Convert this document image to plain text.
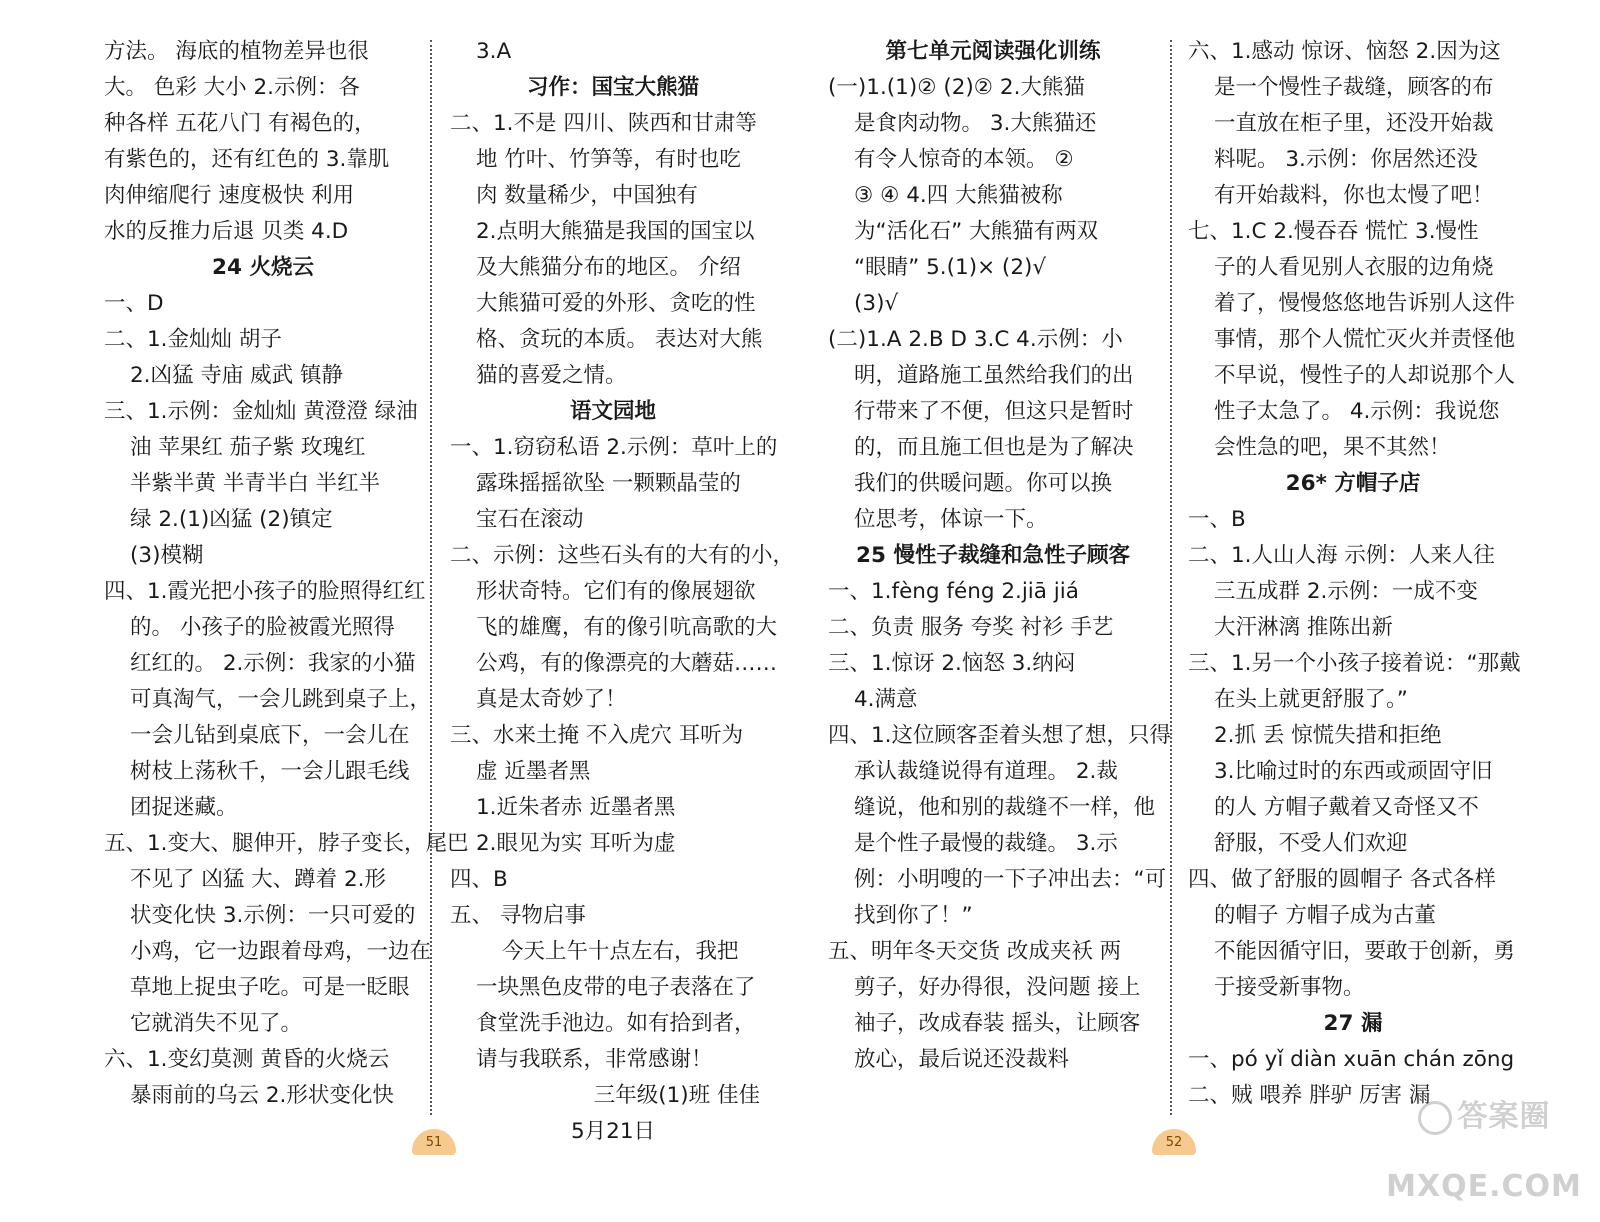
方法。 海底的植物差异也很
大。 色彩 大小 2.示例：各
种各样 五花八门 有褐色的，
有紫色的，还有红色的 3.靠肌
肉伸缩爬行 速度极快 利用
水的反推力后退 贝类 4.D
24 火烧云
一、D
二、1.金灿灿 胡子
2.凶猛 寺庙 威武 镇静
三、1.示例：金灿灿 黄澄澄 绿油
油 苹果红 茄子紫 玫瑰红
半紫半黄 半青半白 半红半
绿 2.(1)凶猛 (2)镇定
(3)模糊
四、1.霞光把小孩子的脸照得红红
的。 小孩子的脸被霞光照得
红红的。 2.示例：我家的小猫
可真淘气，一会儿跳到桌子上，
一会儿钻到桌底下，一会儿在
树枝上荡秋千，一会儿跟毛线
团捉迷藏。
五、1.变大、腿伸开，脖子变长，尾巴
不见了 凶猛 大、蹲着 2.形
状变化快 3.示例：一只可爱的
小鸡，它一边跟着母鸡，一边在
草地上捉虫子吃。可是一眨眼
它就消失不见了。
六、1.变幻莫测 黄昏的火烧云
暴雨前的乌云 2.形状变化快
3.A
习作：国宝大熊猫
二、1.不是 四川、陕西和甘肃等
地 竹叶、竹笋等，有时也吃
肉 数量稀少，中国独有
2.点明大熊猫是我国的国宝以
及大熊猫分布的地区。 介绍
大熊猫可爱的外形、贪吃的性
格、贪玩的本质。 表达对大熊
猫的喜爱之情。
语文园地
一、1.窃窃私语 2.示例：草叶上的
露珠摇摇欲坠 一颗颗晶莹的
宝石在滚动
二、示例：这些石头有的大有的小，
形状奇特。它们有的像展翅欲
飞的雄鹰，有的像引吭高歌的大
公鸡，有的像漂亮的大蘑菇……
真是太奇妙了！
三、水来土掩 不入虎穴 耳听为
虚 近墨者黑
1.近朱者赤 近墨者黑
2.眼见为实 耳听为虚
四、B
五、 寻物启事
今天上午十点左右，我把
一块黑色皮带的电子表落在了
食堂洗手池边。如有拾到者，
请与我联系，非常感谢！
三年级(1)班 佳佳
5月21日
第七单元阅读强化训练
(一)1.(1)② (2)② 2.大熊猫
是食肉动物。 3.大熊猫还
有令人惊奇的本领。 ②
③ ④ 4.四 大熊猫被称
为“活化石” 大熊猫有两双
“眼睛” 5.(1)× (2)√
(3)√
(二)1.A 2.B D 3.C 4.示例：小
明，道路施工虽然给我们的出
行带来了不便，但这只是暂时
的，而且施工但也是为了解决
我们的供暖问题。你可以换
位思考，体谅一下。
25 慢性子裁缝和急性子顾客
一、1.fèng féng 2.jiā jiá
二、负责 服务 夸奖 衬衫 手艺
三、1.惊讶 2.恼怒 3.纳闷
4.满意
四、1.这位顾客歪着头想了想，只得
承认裁缝说得有道理。 2.裁
缝说，他和别的裁缝不一样，他
是个性子最慢的裁缝。 3.示
例：小明嗖的一下子冲出去：“可
找到你了！”
五、明年冬天交货 改成夹袄 两
剪子，好办得很，没问题 接上
袖子，改成春装 摇头，让顾客
放心，最后说还没裁料
六、1.感动 惊讶、恼怒 2.因为这
是一个慢性子裁缝，顾客的布
一直放在柜子里，还没开始裁
料呢。 3.示例：你居然还没
有开始裁料，你也太慢了吧！
七、1.C 2.慢吞吞 慌忙 3.慢性
子的人看见别人衣服的边角烧
着了，慢慢悠悠地告诉别人这件
事情，那个人慌忙灭火并责怪他
不早说，慢性子的人却说那个人
性子太急了。 4.示例：我说您
会性急的吧，果不其然！
26* 方帽子店
一、B
二、1.人山人海 示例：人来人往
三五成群 2.示例：一成不变
大汗淋漓 推陈出新
三、1.另一个小孩子接着说：“那戴
在头上就更舒服了。”
2.抓 丢 惊慌失措和拒绝
3.比喻过时的东西或顽固守旧
的人 方帽子戴着又奇怪又不
舒服，不受人们欢迎
四、做了舒服的圆帽子 各式各样
的帽子 方帽子成为古董
不能因循守旧，要敢于创新，勇
于接受新事物。
27 漏
一、pó yǐ diàn xuān chán zōng
二、贼 喂养 胖驴 厉害 漏
51	52
答案圈 MXQE.COM
